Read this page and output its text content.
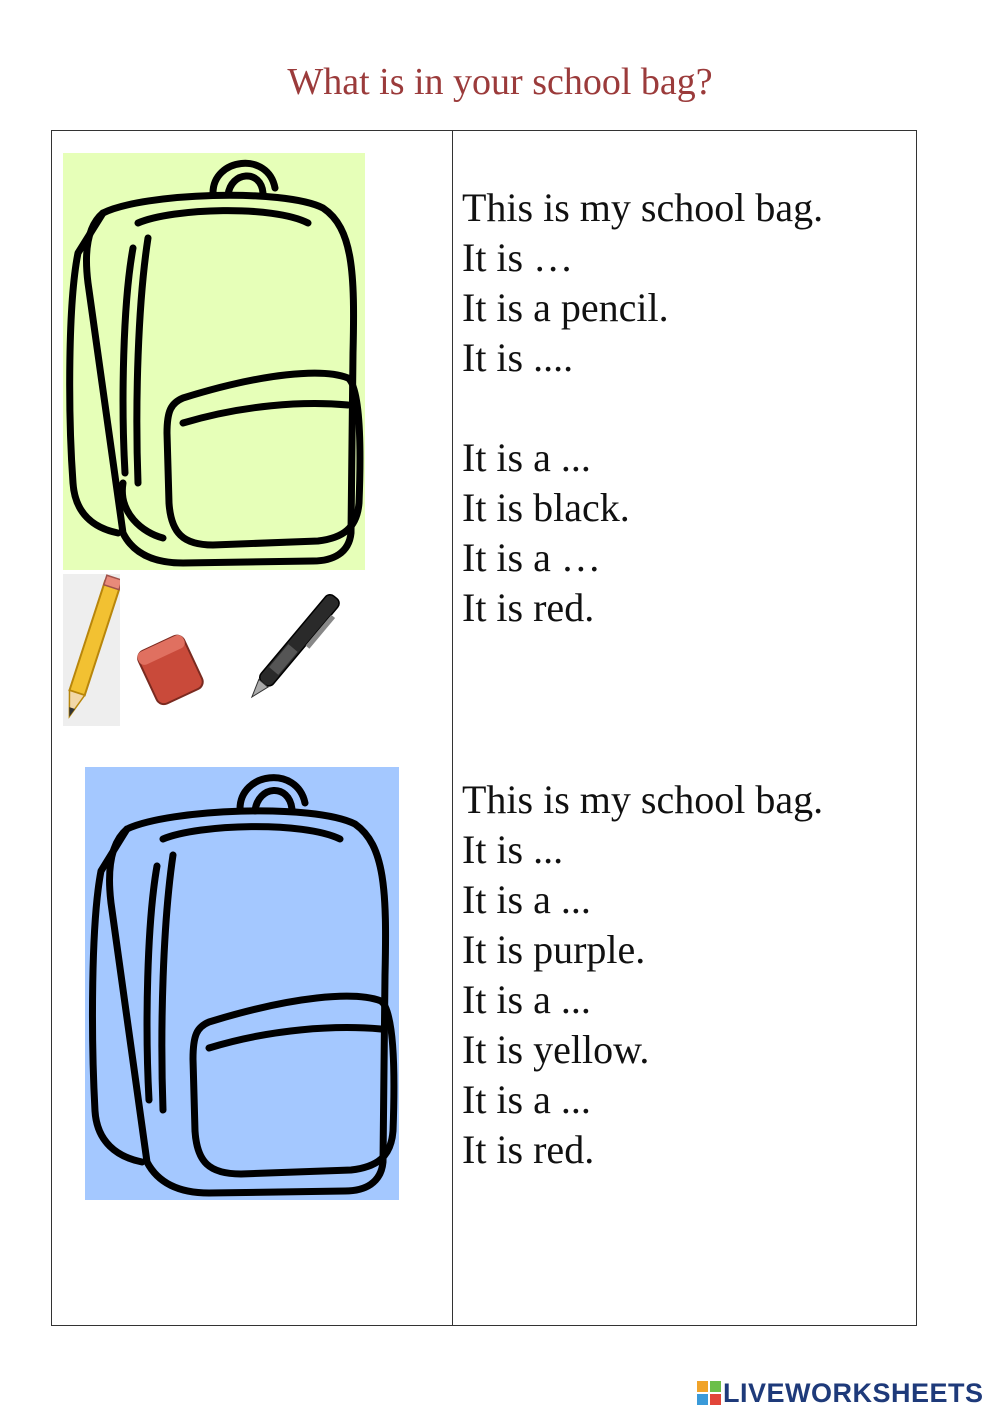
What is in your school bag?
This is my school bag.
It is …
It is a pencil.
It is ....
It is a ...
It is black.
It is a …
It is red.
This is my school bag.
It is ...
It is a ...
It is purple.
It is a ...
It is yellow.
It is a ...
It is red.
LIVEWORKSHEETS
